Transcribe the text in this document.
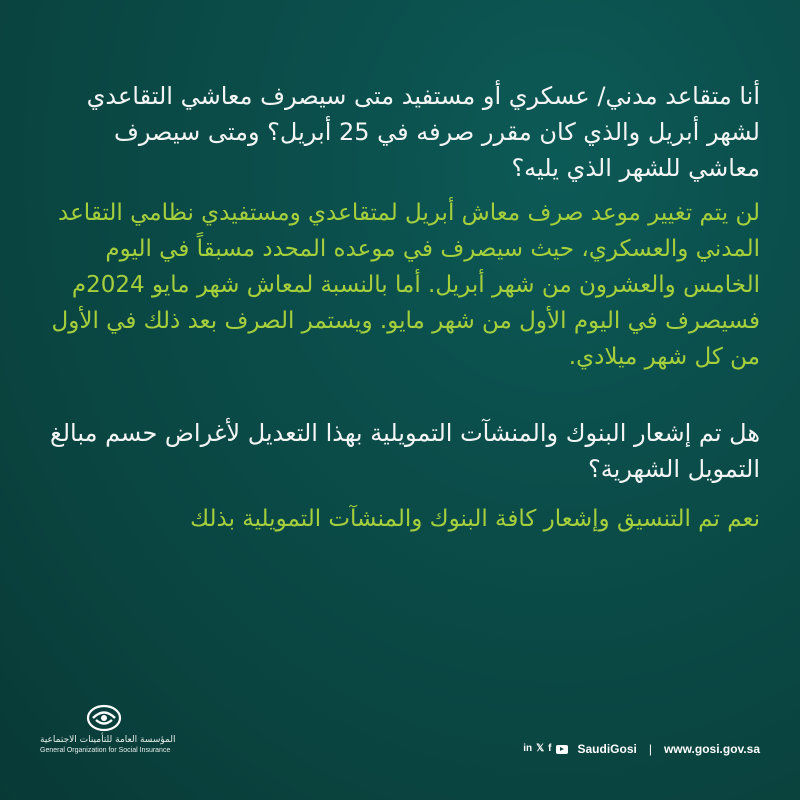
أنا متقاعد مدني/ عسكري أو مستفيد متى سيصرف معاشي التقاعدي لشهر أبريل والذي كان مقرر صرفه في 25 أبريل؟ ومتى سيصرف معاشي للشهر الذي يليه؟

لن يتم تغيير موعد صرف معاش أبريل لمتقاعدي ومستفيدي نظامي التقاعد المدني والعسكري، حيث سيصرف في موعده المحدد مسبقاً في اليوم الخامس والعشرون من شهر أبريل. أما بالنسبة لمعاش شهر مايو 2024م فسيصرف في اليوم الأول من شهر مايو. ويستمر الصرف بعد ذلك في الأول من كل شهر ميلادي.

هل تم إشعار البنوك والمنشآت التمويلية بهذا التعديل لأغراض حسم مبالغ التمويل الشهرية؟

نعم تم التنسيق وإشعار كافة البنوك والمنشآت التمويلية بذلك

المؤسسة العامة للتأمينات الاجتماعية
General Organization for Social Insurance	in 𝕏 f SaudiGosi | www.gosi.gov.sa
